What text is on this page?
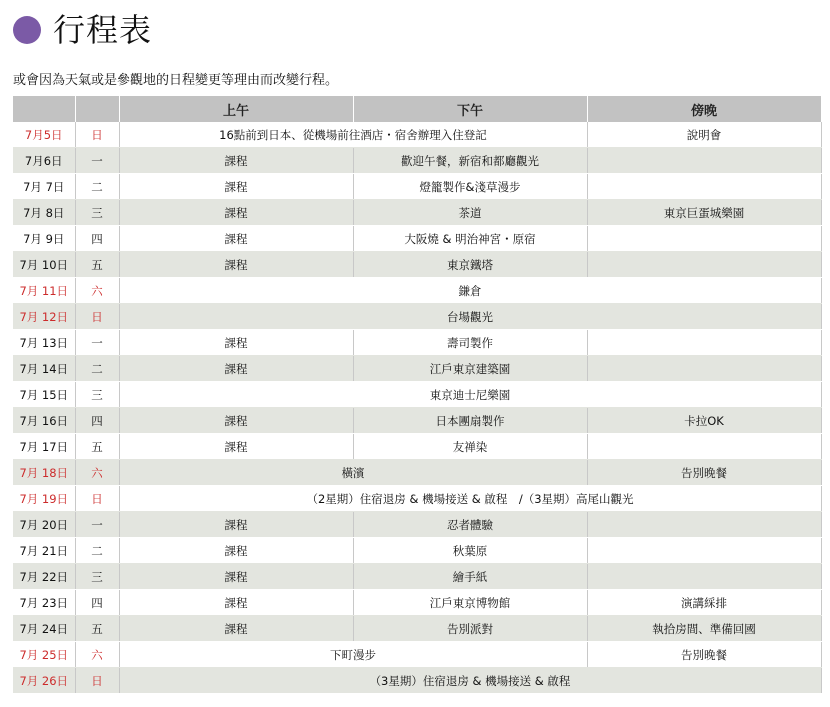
行程表
或會因為天氣或是參觀地的日程變更等理由而改變行程。
		上午	下午	傍晚
7月5日	日	16點前到日本、從機場前往酒店・宿舍辦理入住登記		說明會
7月6日	一	課程	歡迎午餐，新宿和都廳觀光	
7月 7日	二	課程	燈籠製作&淺草漫步	
7月 8日	三	課程	茶道	東京巨蛋城樂園
7月 9日	四	課程	大阪燒 & 明治神宮・原宿	
7月 10日	五	課程	東京鐵塔	
7月 11日	六	鎌倉		
7月 12日	日	台場觀光		
7月 13日	一	課程	壽司製作	
7月 14日	二	課程	江戶東京建築園	
7月 15日	三	東京迪士尼樂園		
7月 16日	四	課程	日本團扇製作	卡拉OK
7月 17日	五	課程	友禅染	
7月 18日	六	橫濱		告別晚餐
7月 19日	日	（2星期）住宿退房 & 機場接送 & 啟程　/（3星期）高尾山觀光		
7月 20日	一	課程	忍者體驗	
7月 21日	二	課程	秋葉原	
7月 22日	三	課程	繪手紙	
7月 23日	四	課程	江戶東京博物館	演講綵排
7月 24日	五	課程	告別派對	執拾房間、準備回國
7月 25日	六	下町漫步		告別晚餐
7月 26日	日	（3星期）住宿退房 & 機場接送 & 啟程		
